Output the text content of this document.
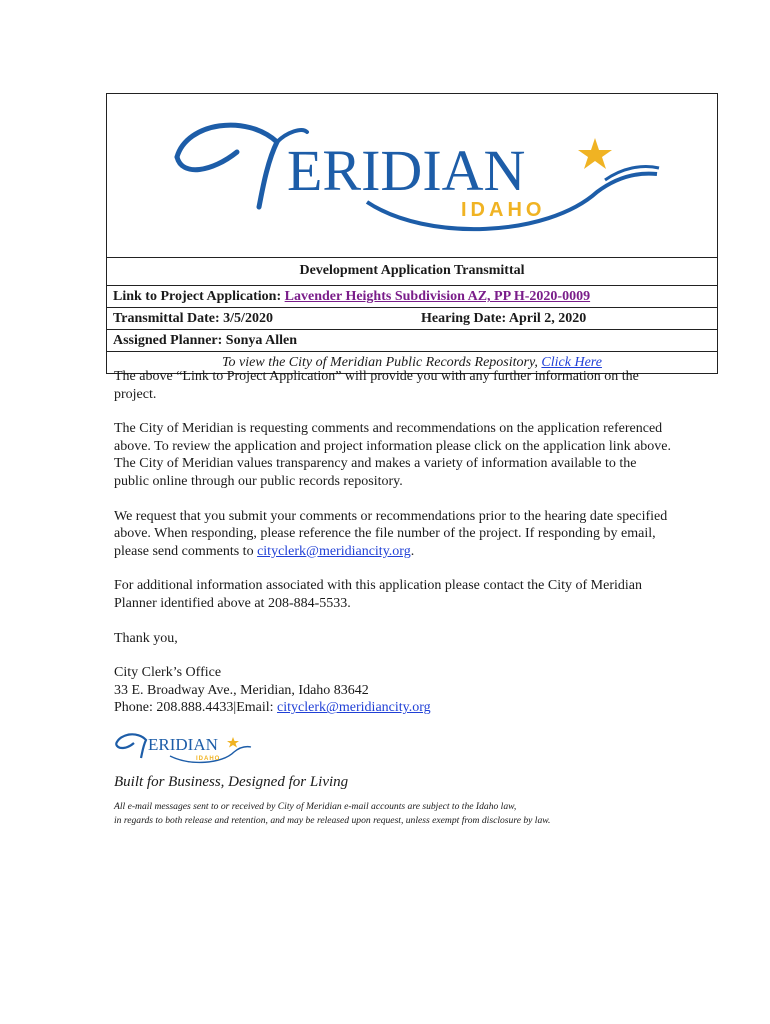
ERIDIAN
IDAHO
Development Application Transmittal
Link to Project Application: Lavender Heights Subdivision AZ, PP H-2020-0009
Transmittal Date: 3/5/2020	Hearing Date: April 2, 2020
Assigned Planner: Sonya Allen
To view the City of Meridian Public Records Repository, Click Here

The above “Link to Project Application” will provide you with any further information on the project.

The City of Meridian is requesting comments and recommendations on the application referenced above. To review the application and project information please click on the application link above. The City of Meridian values transparency and makes a variety of information available to the public online through our public records repository.

We request that you submit your comments or recommendations prior to the hearing date specified above. When responding, please reference the file number of the project. If responding by email, please send comments to cityclerk@meridiancity.org.

For additional information associated with this application please contact the City of Meridian Planner identified above at 208-884-5533.

Thank you,

City Clerk’s Office

33 E. Broadway Ave., Meridian, Idaho 83642

Phone: 208.888.4433|Email: cityclerk@meridiancity.org

ERIDIAN
IDAHO
Built for Business, Designed for Living
All e-mail messages sent to or received by City of Meridian e-mail accounts are subject to the Idaho law,
in regards to both release and retention, and may be released upon request, unless exempt from disclosure by law.
